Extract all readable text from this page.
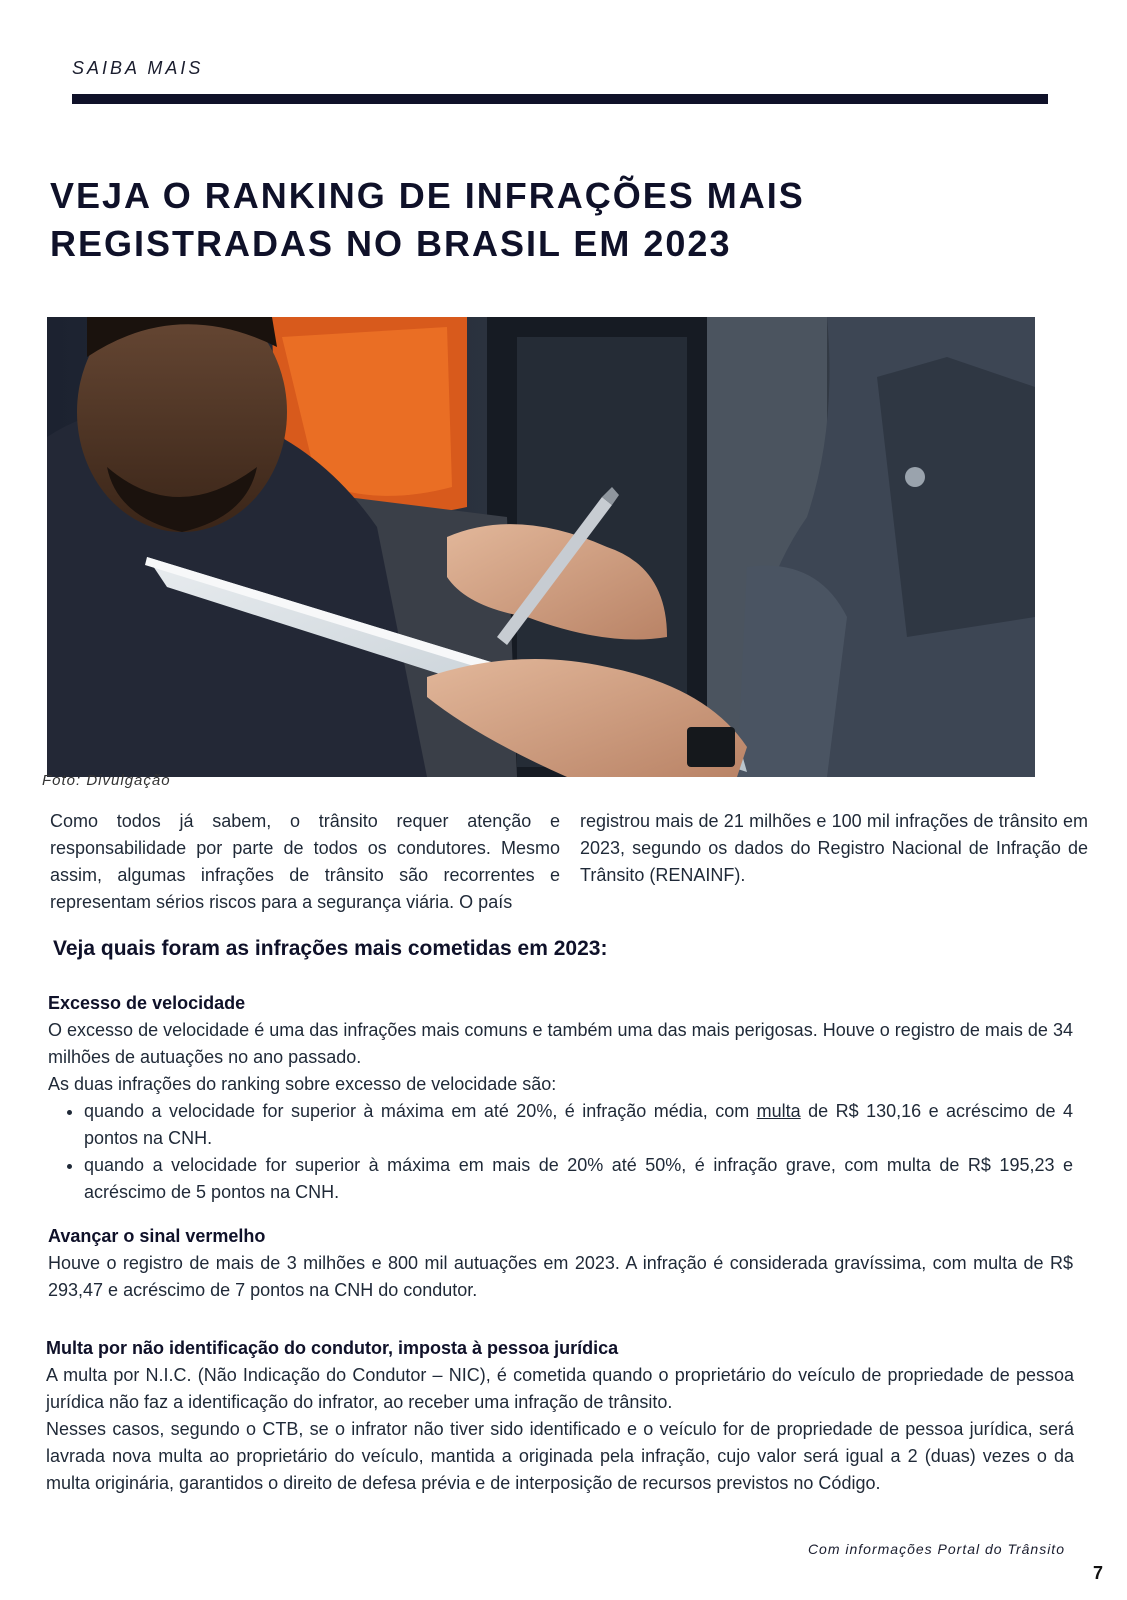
SAIBA MAIS
VEJA O RANKING DE INFRAÇÕES MAIS REGISTRADAS NO BRASIL EM 2023
Foto: Divulgação
Como todos já sabem, o trânsito requer atenção e responsabilidade por parte de todos os condutores. Mesmo assim, algumas infrações de trânsito são recorrentes e representam sérios riscos para a segurança viária. O país
registrou mais de 21 milhões e 100 mil infrações de trânsito em 2023, segundo os dados do Registro Nacional de Infração de Trânsito (RENAINF).
Veja quais foram as infrações mais cometidas em 2023:
Excesso de velocidade

O excesso de velocidade é uma das infrações mais comuns e também uma das mais perigosas. Houve o registro de mais de 34 milhões de autuações no ano passado.

As duas infrações do ranking sobre excesso de velocidade são:

• quando a velocidade for superior à máxima em até 20%, é infração média, com multa de R$ 130,16 e acréscimo de 4 pontos na CNH.
• quando a velocidade for superior à máxima em mais de 20% até 50%, é infração grave, com multa de R$ 195,23 e acréscimo de 5 pontos na CNH.
Avançar o sinal vermelho

Houve o registro de mais de 3 milhões e 800 mil autuações em 2023. A infração é considerada gravíssima, com multa de R$ 293,47 e acréscimo de 7 pontos na CNH do condutor.

Multa por não identificação do condutor, imposta à pessoa jurídica

A multa por N.I.C. (Não Indicação do Condutor – NIC), é cometida quando o proprietário do veículo de propriedade de pessoa jurídica não faz a identificação do infrator, ao receber uma infração de trânsito.

Nesses casos, segundo o CTB, se o infrator não tiver sido identificado e o veículo for de propriedade de pessoa jurídica, será lavrada nova multa ao proprietário do veículo, mantida a originada pela infração, cujo valor será igual a 2 (duas) vezes o da multa originária, garantidos o direito de defesa prévia e de interposição de recursos previstos no Código.

Com informações Portal do Trânsito
7
